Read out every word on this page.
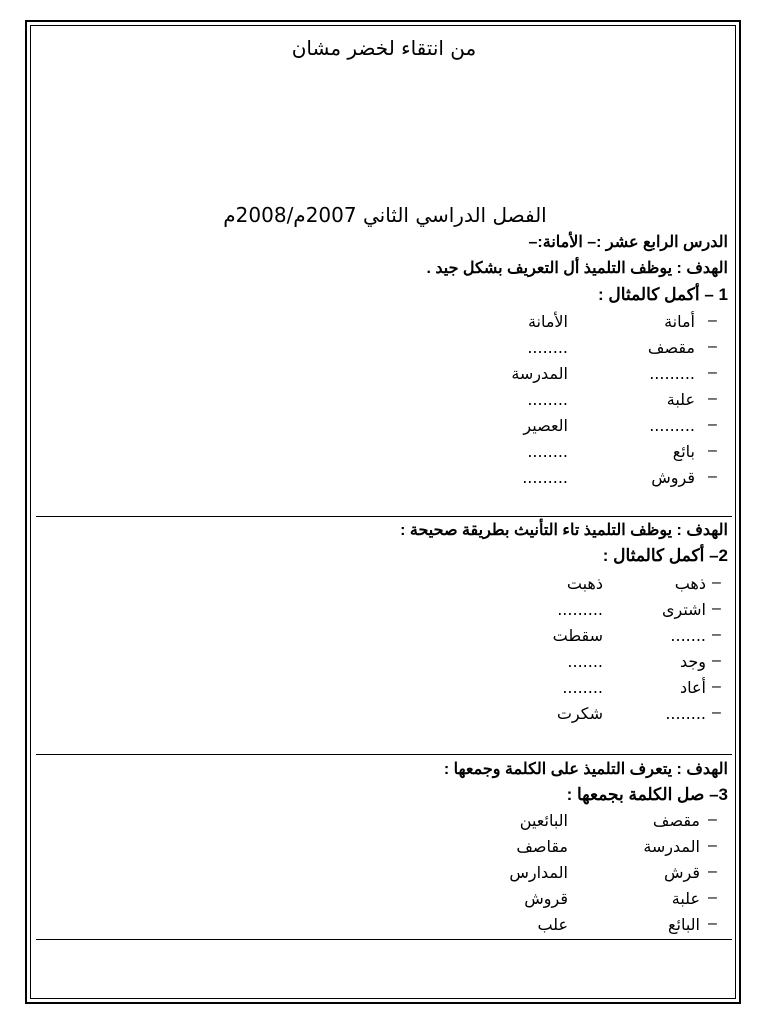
من انتقاء لخضر مشان
الفصل الدراسي الثاني 2007م/2008م
الدرس الرابع عشر :– الأمانة:–
الهدف : يوظف التلميذ أل التعريف بشكل جيد .
1 – أكمل كالمثال :
–
أمانة
الأمانة
–
مقصف
........
–
.........
المدرسة
–
علبة
........
–
.........
العصير
–
بائع
........
–
قروش
.........
الهدف : يوظف التلميذ تاء التأنيث بطريقة صحيحة :
2– أكمل كالمثال :
–
ذهب
ذهبت
–
اشترى
.........
–
.......
سقطت
–
وجد
.......
–
أعاد
........
–
........
شكرت
الهدف : يتعرف التلميذ على الكلمة وجمعها :
3– صل الكلمة بجمعها :
–
مقصف
البائعين
–
المدرسة
مقاصف
–
قرش
المدارس
–
علبة
قروش
–
البائع
علب
